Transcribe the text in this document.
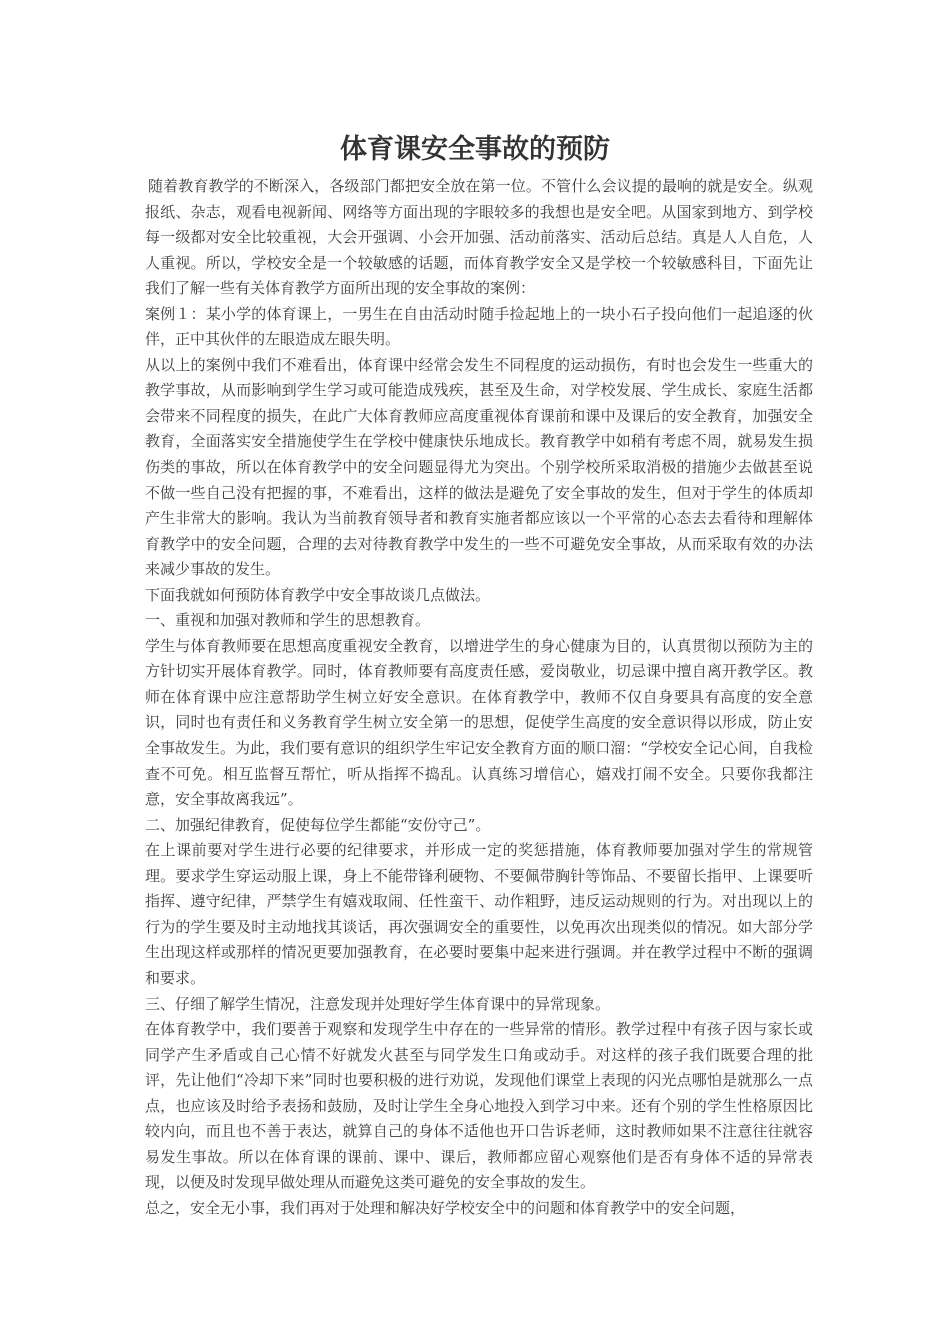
体育课安全事故的预防

随着教育教学的不断深入，各级部门都把安全放在第一位。不管什么会议提的最响的就是安全。纵观报纸、杂志，观看电视新闻、网络等方面出现的字眼较多的我想也是安全吧。从国家到地方、到学校每一级都对安全比较重视，大会开强调、小会开加强、活动前落实、活动后总结。真是人人自危，人人重视。所以，学校安全是一个较敏感的话题，而体育教学安全又是学校一个较敏感科目，下面先让我们了解一些有关体育教学方面所出现的安全事故的案例：

案例１：某小学的体育课上，一男生在自由活动时随手捡起地上的一块小石子投向他们一起追逐的伙伴，正中其伙伴的左眼造成左眼失明。

从以上的案例中我们不难看出，体育课中经常会发生不同程度的运动损伤，有时也会发生一些重大的教学事故，从而影响到学生学习或可能造成残疾，甚至及生命，对学校发展、学生成长、家庭生活都会带来不同程度的损失，在此广大体育教师应高度重视体育课前和课中及课后的安全教育，加强安全教育，全面落实安全措施使学生在学校中健康快乐地成长。教育教学中如稍有考虑不周，就易发生损伤类的事故，所以在体育教学中的安全问题显得尤为突出。个别学校所采取消极的措施少去做甚至说不做一些自己没有把握的事，不难看出，这样的做法是避免了安全事故的发生，但对于学生的体质却产生非常大的影响。我认为当前教育领导者和教育实施者都应该以一个平常的心态去去看待和理解体育教学中的安全问题，合理的去对待教育教学中发生的一些不可避免安全事故，从而采取有效的办法来减少事故的发生。

下面我就如何预防体育教学中安全事故谈几点做法。

一、重视和加强对教师和学生的思想教育。

学生与体育教师要在思想高度重视安全教育，以增进学生的身心健康为目的，认真贯彻以预防为主的方针切实开展体育教学。同时，体育教师要有高度责任感，爱岗敬业，切忌课中擅自离开教学区。教师在体育课中应注意帮助学生树立好安全意识。在体育教学中，教师不仅自身要具有高度的安全意识，同时也有责任和义务教育学生树立安全第一的思想，促使学生高度的安全意识得以形成，防止安全事故发生。为此，我们要有意识的组织学生牢记安全教育方面的顺口溜：“学校安全记心间，自我检查不可免。相互监督互帮忙，听从指挥不捣乱。认真练习增信心，嬉戏打闹不安全。只要你我都注意，安全事故离我远”。

二、加强纪律教育，促使每位学生都能“安份守己”。

在上课前要对学生进行必要的纪律要求，并形成一定的奖惩措施，体育教师要加强对学生的常规管理。要求学生穿运动服上课，身上不能带锋利硬物、不要佩带胸针等饰品、不要留长指甲、上课要听指挥、遵守纪律，严禁学生有嬉戏取闹、任性蛮干、动作粗野，违反运动规则的行为。对出现以上的行为的学生要及时主动地找其谈话，再次强调安全的重要性，以免再次出现类似的情况。如大部分学生出现这样或那样的情况更要加强教育，在必要时要集中起来进行强调。并在教学过程中不断的强调和要求。

三、仔细了解学生情况，注意发现并处理好学生体育课中的异常现象。

在体育教学中，我们要善于观察和发现学生中存在的一些异常的情形。教学过程中有孩子因与家长或同学产生矛盾或自己心情不好就发火甚至与同学发生口角或动手。对这样的孩子我们既要合理的批评，先让他们“冷却下来”同时也要积极的进行劝说，发现他们课堂上表现的闪光点哪怕是就那么一点点，也应该及时给予表扬和鼓励，及时让学生全身心地投入到学习中来。还有个别的学生性格原因比较内向，而且也不善于表达，就算自己的身体不适他也开口告诉老师，这时教师如果不注意往往就容易发生事故。所以在体育课的课前、课中、课后，教师都应留心观察他们是否有身体不适的异常表现，以便及时发现早做处理从而避免这类可避免的安全事故的发生。

总之，安全无小事，我们再对于处理和解决好学校安全中的问题和体育教学中的安全问题，
